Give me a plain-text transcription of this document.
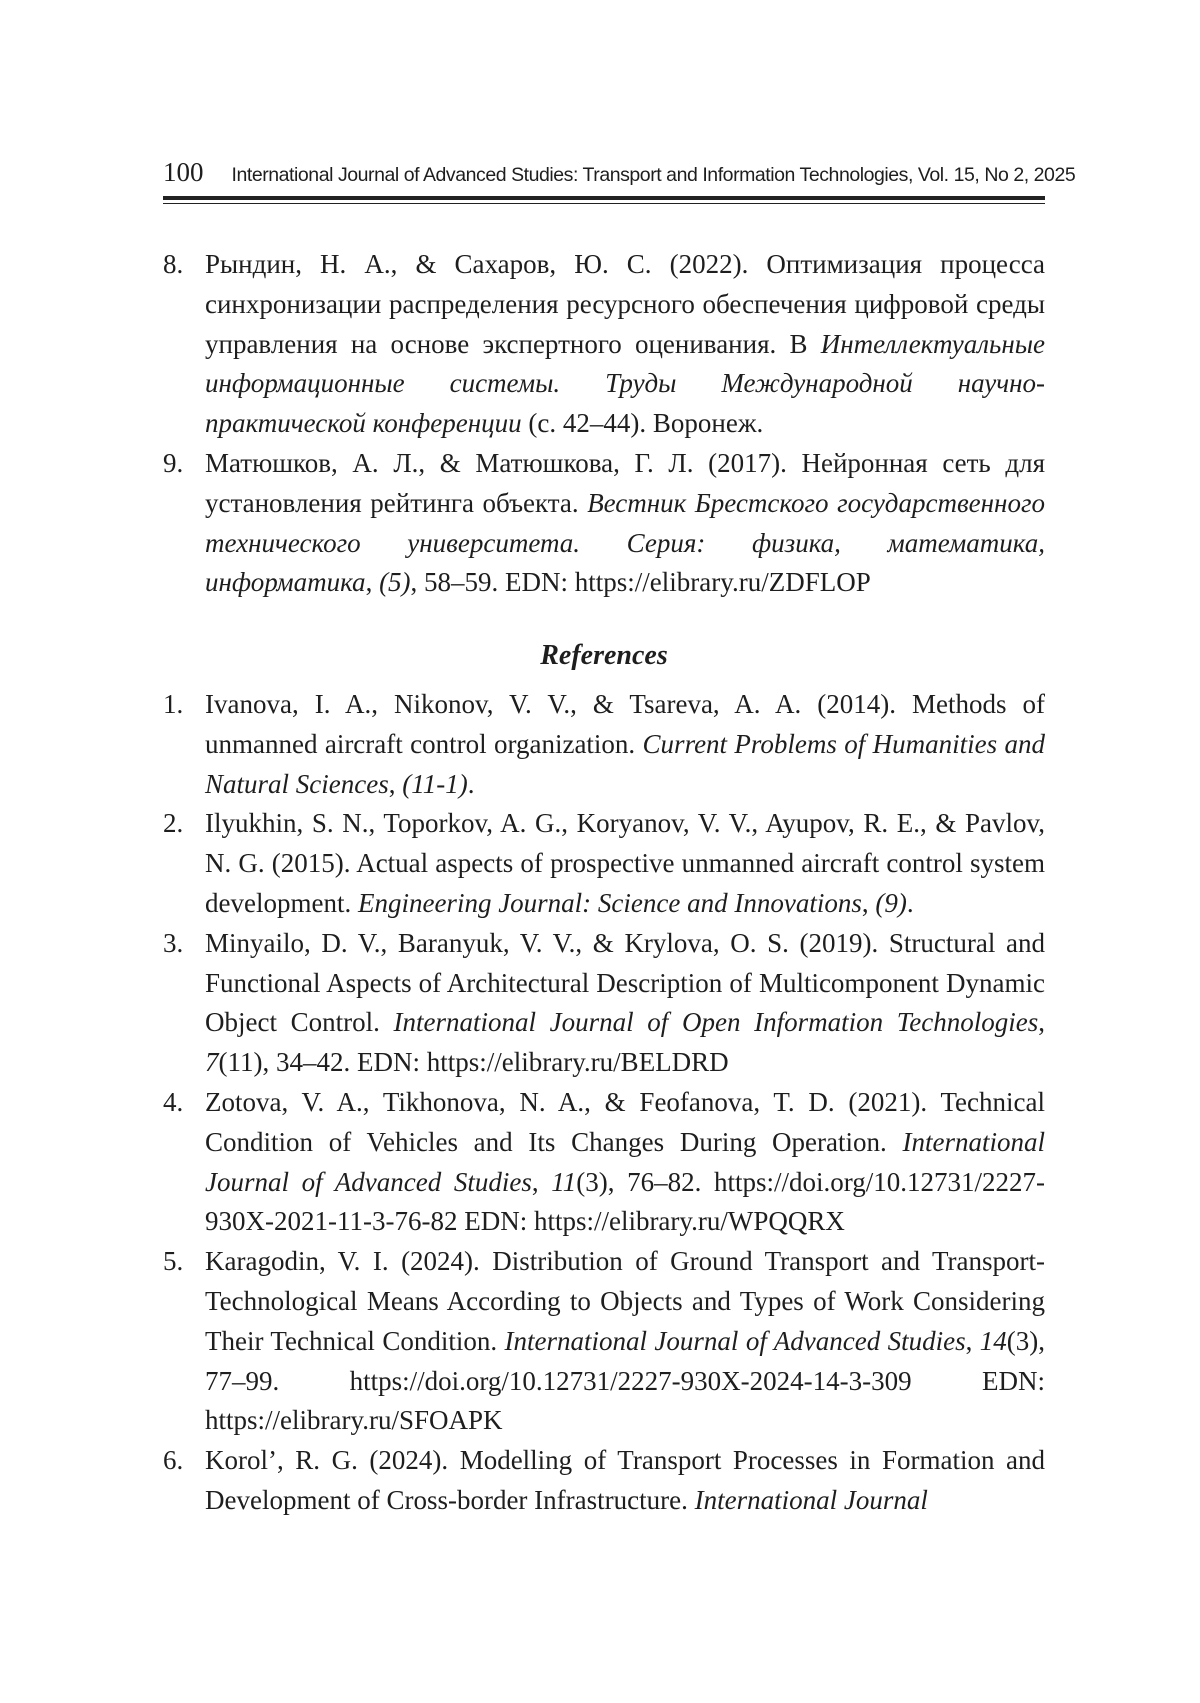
100 International Journal of Advanced Studies: Transport and Information Technologies, Vol. 15, No 2, 2025
8. Рындин, Н. А., & Сахаров, Ю. С. (2022). Оптимизация процесса синхронизации распределения ресурсного обеспечения цифровой среды управления на основе экспертного оценивания. В Интеллектуальные информационные системы. Труды Международной научно-практической конференции (с. 42–44). Воронеж.
9. Матюшков, А. Л., & Матюшкова, Г. Л. (2017). Нейронная сеть для установления рейтинга объекта. Вестник Брестского государственного технического университета. Серия: физика, математика, информатика, (5), 58–59. EDN: https://elibrary.ru/ZDFLOP
References
1. Ivanova, I. A., Nikonov, V. V., & Tsareva, A. A. (2014). Methods of unmanned aircraft control organization. Current Problems of Humanities and Natural Sciences, (11-1).
2. Ilyukhin, S. N., Toporkov, A. G., Koryanov, V. V., Ayupov, R. E., & Pavlov, N. G. (2015). Actual aspects of prospective unmanned aircraft control system development. Engineering Journal: Science and Innovations, (9).
3. Minyailo, D. V., Baranyuk, V. V., & Krylova, O. S. (2019). Structural and Functional Aspects of Architectural Description of Multicomponent Dynamic Object Control. International Journal of Open Information Technologies, 7(11), 34–42. EDN: https://elibrary.ru/BELDRD
4. Zotova, V. A., Tikhonova, N. A., & Feofanova, T. D. (2021). Technical Condition of Vehicles and Its Changes During Operation. International Journal of Advanced Studies, 11(3), 76–82. https://doi.org/10.12731/2227-930X-2021-11-3-76-82 EDN: https://elibrary.ru/WPQQRX
5. Karagodin, V. I. (2024). Distribution of Ground Transport and Transport-Technological Means According to Objects and Types of Work Considering Their Technical Condition. International Journal of Advanced Studies, 14(3), 77–99. https://doi.org/10.12731/2227-930X-2024-14-3-309 EDN: https://elibrary.ru/SFOAPK
6. Korol’, R. G. (2024). Modelling of Transport Processes in Formation and Development of Cross-border Infrastructure. International Journal
